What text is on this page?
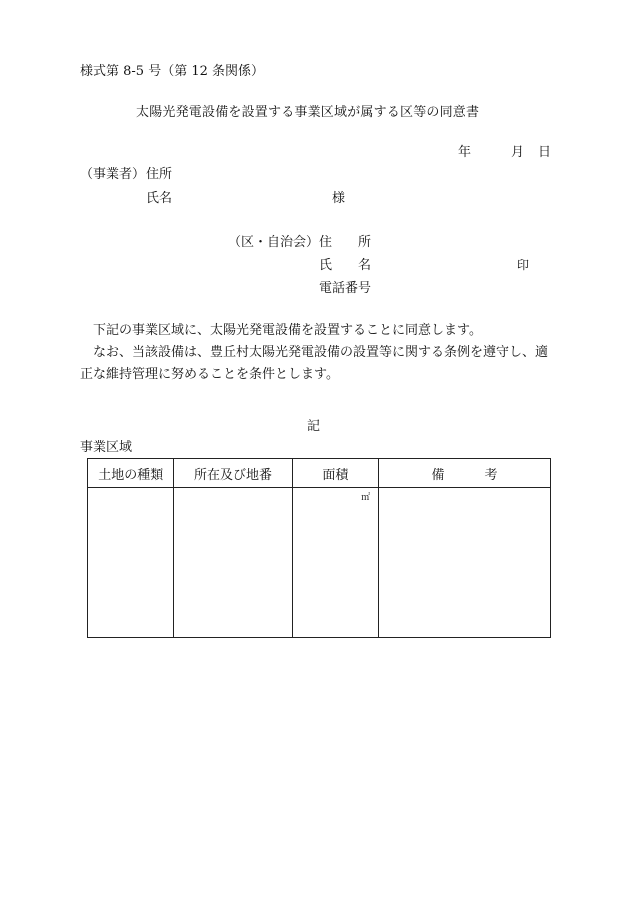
様式第 8-5 号（第 12 条関係）
太陽光発電設備を設置する事業区域が属する区等の同意書
年	月 日
（事業者） 住所
氏名	様
（区・自治会） 住　　所
氏　　名	印
電話番号

下記の事業区域に、太陽光発電設備を設置することに同意します。

なお、当該設備は、豊丘村太陽光発電設備の設置等に関する条例を遵守し、適正な維持管理に努めることを条件とします。

記
事業区域
土地の種類	所在及び地番	面積	備考

		㎡	
